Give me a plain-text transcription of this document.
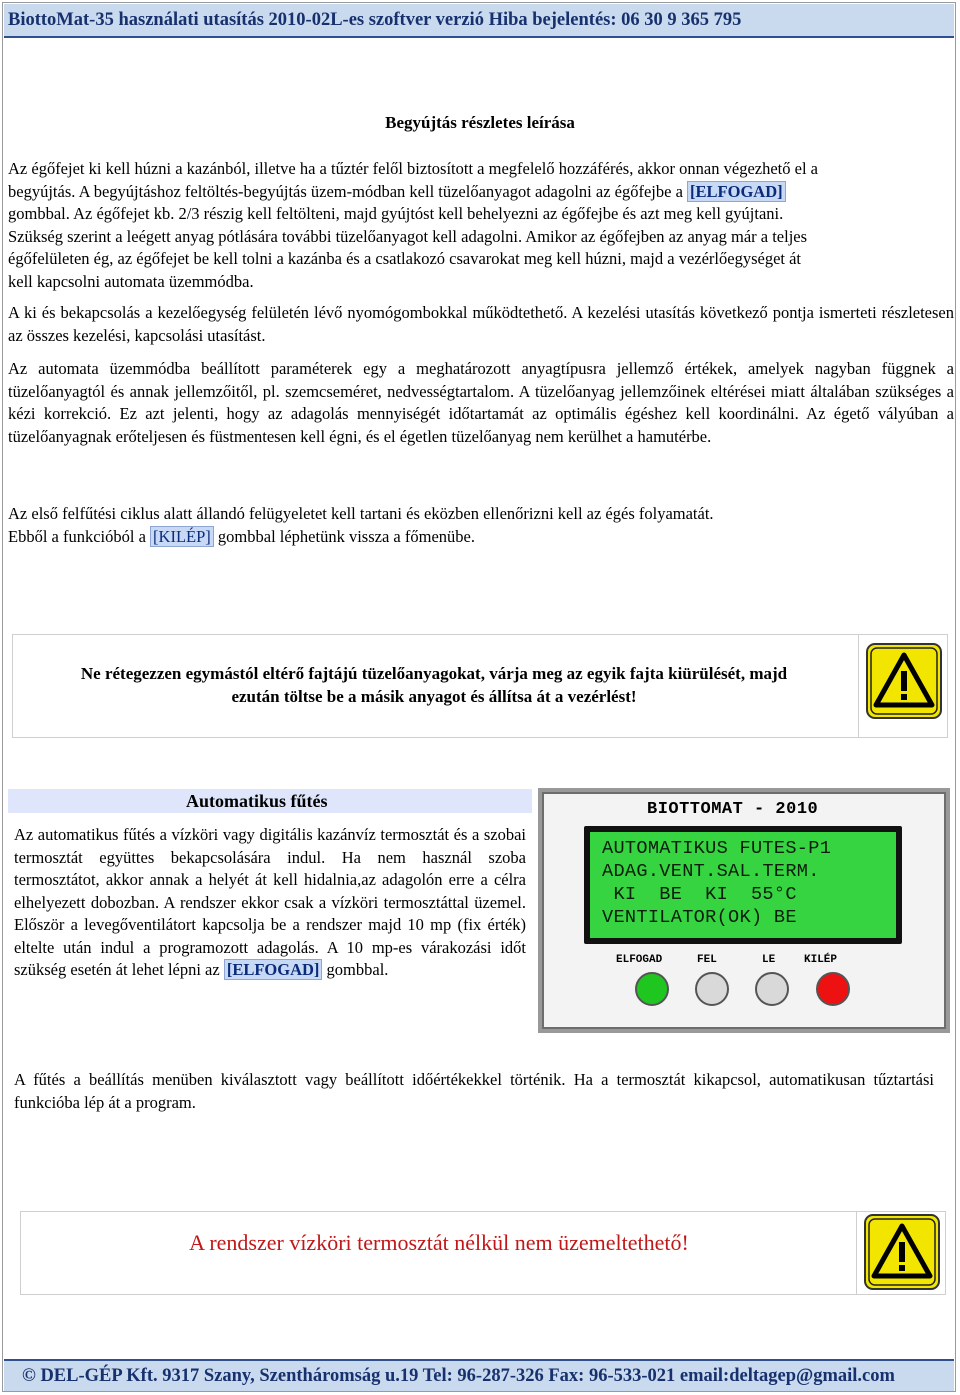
BiottoMat-35 használati utasítás 2010-02L-es szoftver verzió Hiba bejelentés: 06 30 9 365 795
Begyújtás részletes leírása
Az égőfejet ki kell húzni a kazánból, illetve ha a tűztér felől biztosított a megfelelő hozzáférés, akkor onnan végezhető el a
begyújtás. A begyújtáshoz feltöltés-begyújtás üzem-módban kell tüzelőanyagot adagolni az égőfejbe a [ELFOGAD]
gombbal. Az égőfejet kb. 2/3 részig kell feltölteni, majd gyújtóst kell behelyezni az égőfejbe és azt meg kell gyújtani.
Szükség szerint a leégett anyag pótlására további tüzelőanyagot kell adagolni. Amikor az égőfejben az anyag már a teljes
égőfelületen ég, az égőfejet be kell tolni a kazánba és a csatlakozó csavarokat meg kell húzni, majd a vezérlőegységet át
kell kapcsolni automata üzemmódba.
A ki és bekapcsolás a kezelőegység felületén lévő nyomógombokkal működtethető. A kezelési utasítás következő pontja ismerteti részletesen az összes kezelési, kapcsolási utasítást.
Az automata üzemmódba beállított paraméterek egy a meghatározott anyagtípusra jellemző értékek, amelyek nagyban függnek a tüzelőanyagtól és annak jellemzőitől, pl. szemcseméret, nedvességtartalom. A tüzelőanyag jellemzőinek eltérései miatt általában szükséges a kézi korrekció. Ez azt jelenti, hogy az adagolás mennyiségét időtartamát az optimális égéshez kell koordinálni. Az égető vályúban a tüzelőanyagnak erőteljesen és füstmentesen kell égni, és el égetlen tüzelőanyag nem kerülhet a hamutérbe.
Az első felfűtési ciklus alatt állandó felügyeletet kell tartani és eközben ellenőrizni kell az égés folyamatát.
Ebből a funkcióból a [KILÉP] gombbal léphetünk vissza a főmenübe.
Ne rétegezzen egymástól eltérő fajtájú tüzelőanyagokat, várja meg az egyik fajta kiürülését, majd
ezután töltse be a másik anyagot és állítsa át a vezérlést!
Automatikus fűtés
Az automatikus fűtés a vízköri vagy digitális kazánvíz termosztát és a szobai termosztát együttes bekapcsolására indul. Ha nem használ szoba termosztátot, akkor annak a helyét át kell hidalnia,az adagolón erre a célra elhelyezett dobozban. A rendszer ekkor csak a vízköri termosztáttal üzemel. Először a levegőventilátort kapcsolja be a rendszer majd 10 mp (fix érték) eltelte után indul a programozott adagolás. A 10 mp-es várakozási időt szükség esetén át lehet lépni az [ELFOGAD] gombbal.
BIOTTOMAT - 2010
AUTOMATIKUS FUTES-P1
ADAG.VENT.SAL.TERM.
KI  BE  KI  55°C
VENTILATOR(OK) BE
ELFOGAD	FEL	LE	KILÉP
A fűtés a beállítás menüben kiválasztott vagy beállított időértékekkel történik. Ha a termosztát kikapcsol, automatikusan tűztartási funkcióba lép át a program.
A rendszer vízköri termosztát nélkül nem üzemeltethető!
© DEL-GÉP Kft. 9317 Szany, Szentháromság u.19 Tel: 96-287-326 Fax: 96-533-021 email:deltagep@gmail.com
